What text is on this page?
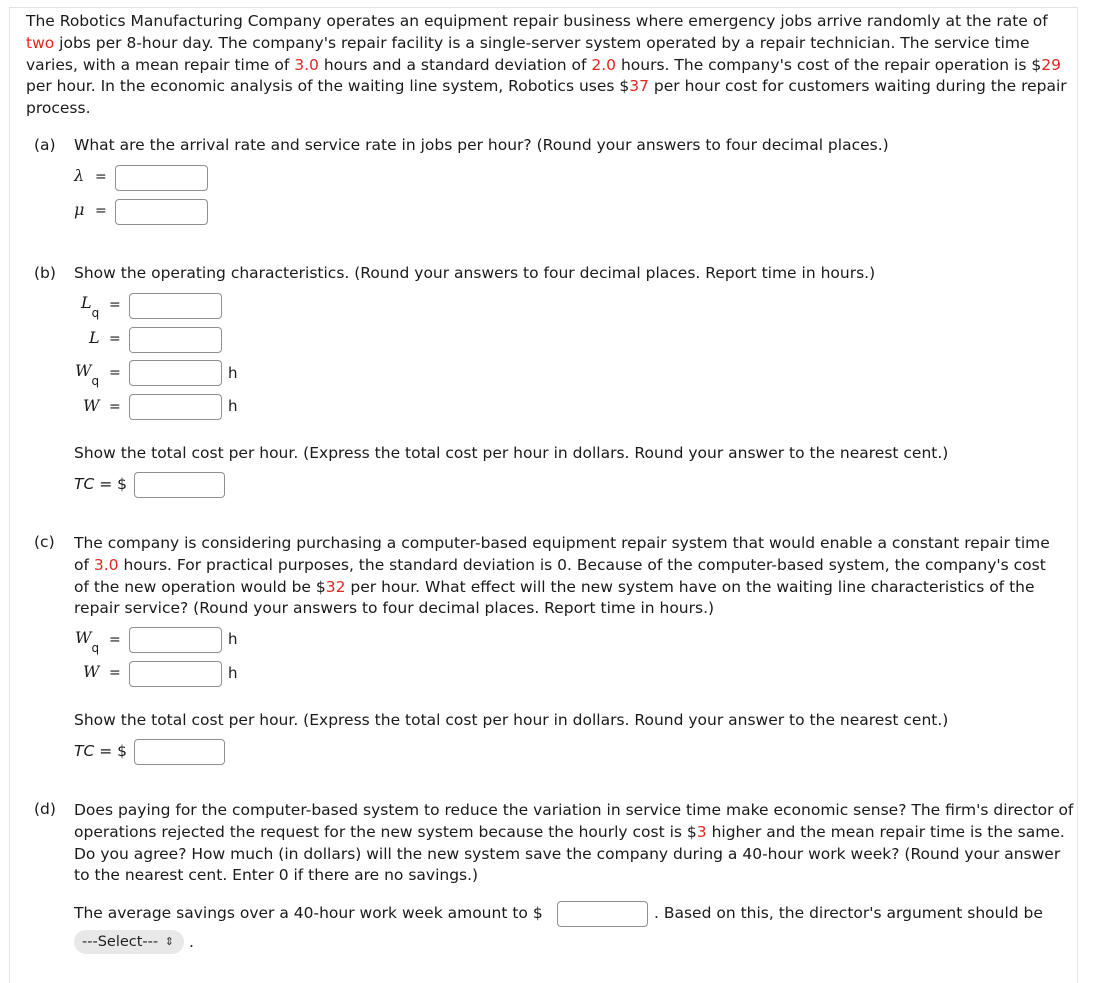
The Robotics Manufacturing Company operates an equipment repair business where emergency jobs arrive randomly at the rate of two jobs per 8-hour day. The company's repair facility is a single-server system operated by a repair technician. The service time varies, with a mean repair time of 3.0 hours and a standard deviation of 2.0 hours. The company's cost of the repair operation is $29 per hour. In the economic analysis of the waiting line system, Robotics uses $37 per hour cost for customers waiting during the repair process.
(a) What are the arrival rate and service rate in jobs per hour? (Round your answers to four decimal places.)
λ =
μ =
(b) Show the operating characteristics. (Round your answers to four decimal places. Report time in hours.)
$L_q$ =
L =
$W_q$ =	h
W =	h
Show the total cost per hour. (Express the total cost per hour in dollars. Round your answer to the nearest cent.)
TC = $
(c) The company is considering purchasing a computer-based equipment repair system that would enable a constant repair time of 3.0 hours. For practical purposes, the standard deviation is 0. Because of the computer-based system, the company's cost of the new operation would be $32 per hour. What effect will the new system have on the waiting line characteristics of the repair service? (Round your answers to four decimal places. Report time in hours.)
$W_q$ =	h
W =	h
Show the total cost per hour. (Express the total cost per hour in dollars. Round your answer to the nearest cent.)
TC = $
(d) Does paying for the computer-based system to reduce the variation in service time make economic sense? The firm's director of operations rejected the request for the new system because the hourly cost is $3 higher and the mean repair time is the same. Do you agree? How much (in dollars) will the new system save the company during a 40-hour work week? (Round your answer to the nearest cent. Enter 0 if there are no savings.)
The average savings over a 40-hour work week amount to $	. Based on this, the director's argument should be
---Select--- ⇕ .
